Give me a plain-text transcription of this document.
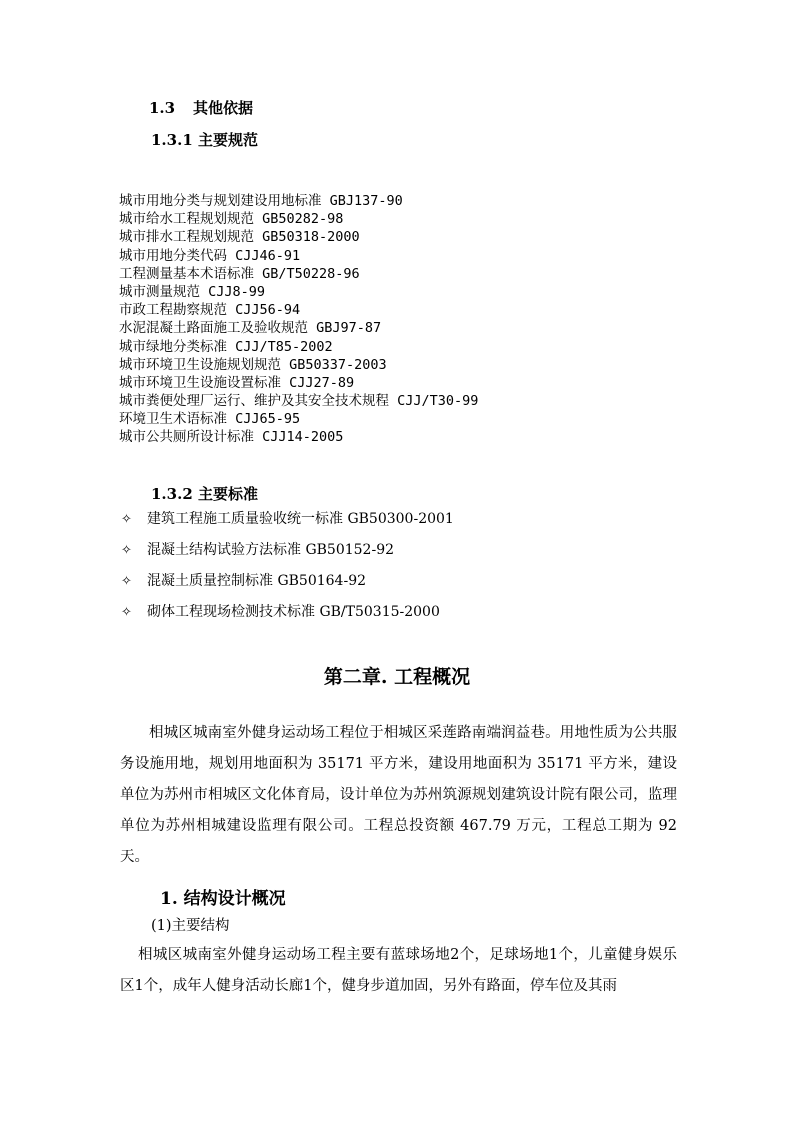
1.3 其他依据
1.3.1 主要规范
城市用地分类与规划建设用地标准 GBJ137-90
城市给水工程规划规范 GB50282-98
城市排水工程规划规范 GB50318-2000
城市用地分类代码 CJJ46-91
工程测量基本术语标准 GB/T50228-96
城市测量规范 CJJ8-99
市政工程勘察规范 CJJ56-94
水泥混凝土路面施工及验收规范 GBJ97-87
城市绿地分类标准 CJJ/T85-2002
城市环境卫生设施规划规范 GB50337-2003
城市环境卫生设施设置标准 CJJ27-89
城市粪便处理厂运行、维护及其安全技术规程 CJJ/T30-99
环境卫生术语标准 CJJ65-95
城市公共厕所设计标准 CJJ14-2005
1.3.2 主要标准
✧ 建筑工程施工质量验收统一标准 GB50300-2001
✧ 混凝土结构试验方法标准 GB50152-92
✧ 混凝土质量控制标准 GB50164-92
✧ 砌体工程现场检测技术标准 GB/T50315-2000
第二章. 工程概况
相城区城南室外健身运动场工程位于相城区采莲路南端润益巷。用地性质为公共服务设施用地，规划用地面积为 35171 平方米，建设用地面积为 35171 平方米，建设单位为苏州市相城区文化体育局，设计单位为苏州筑源规划建筑设计院有限公司，监理单位为苏州相城建设监理有限公司。工程总投资额 467.79 万元，工程总工期为 92 天。
1. 结构设计概况
(1)主要结构
相城区城南室外健身运动场工程主要有蓝球场地2个，足球场地1个，儿童健身娱乐区1个，成年人健身活动长廊1个，健身步道加固，另外有路面，停车位及其雨
